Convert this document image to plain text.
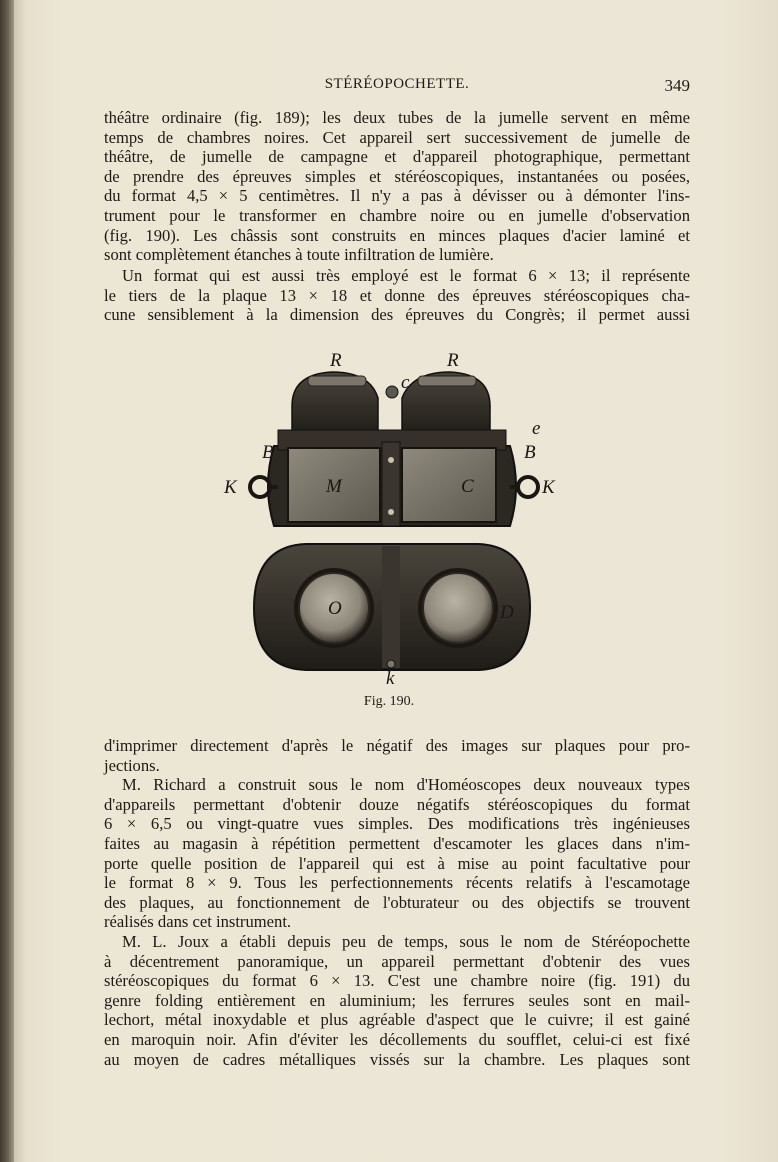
STÉRÉOPOCHETTE.	349
théâtre ordinaire (fig. 189); les deux tubes de la jumelle servent en même
temps de chambres noires. Cet appareil sert successivement de jumelle de
théâtre, de jumelle de campagne et d'appareil photographique, permettant
de prendre des épreuves simples et stéréoscopiques, instantanées ou posées,
du format 4,5 × 5 centimètres. Il n'y a pas à dévisser ou à démonter l'ins-
trument pour le transformer en chambre noire ou en jumelle d'observation
(fig. 190). Les châssis sont construits en minces plaques d'acier laminé et
sont complètement étanches à toute infiltration de lumière.
Un format qui est aussi très employé est le format 6 × 13; il représente
le tiers de la plaque 13 × 18 et donne des épreuves stéréoscopiques cha-
cune sensiblement à la dimension des épreuves du Congrès; il permet aussi
R	R
c
e
B	B
K	K
M	C
O	D
k
Fig. 190.
d'imprimer directement d'après le négatif des images sur plaques pour pro-
jections.
M. Richard a construit sous le nom d'Homéoscopes deux nouveaux types
d'appareils permettant d'obtenir douze négatifs stéréoscopiques du format
6 × 6,5 ou vingt-quatre vues simples. Des modifications très ingénieuses
faites au magasin à répétition permettent d'escamoter les glaces dans n'im-
porte quelle position de l'appareil qui est à mise au point facultative pour
le format 8 × 9. Tous les perfectionnements récents relatifs à l'escamotage
des plaques, au fonctionnement de l'obturateur ou des objectifs se trouvent
réalisés dans cet instrument.
M. L. Joux a établi depuis peu de temps, sous le nom de Stéréopochette
à décentrement panoramique, un appareil permettant d'obtenir des vues
stéréoscopiques du format 6 × 13. C'est une chambre noire (fig. 191) du
genre folding entièrement en aluminium; les ferrures seules sont en mail-
lechort, métal inoxydable et plus agréable d'aspect que le cuivre; il est gainé
en maroquin noir. Afin d'éviter les décollements du soufflet, celui-ci est fixé
au moyen de cadres métalliques vissés sur la chambre. Les plaques sont
